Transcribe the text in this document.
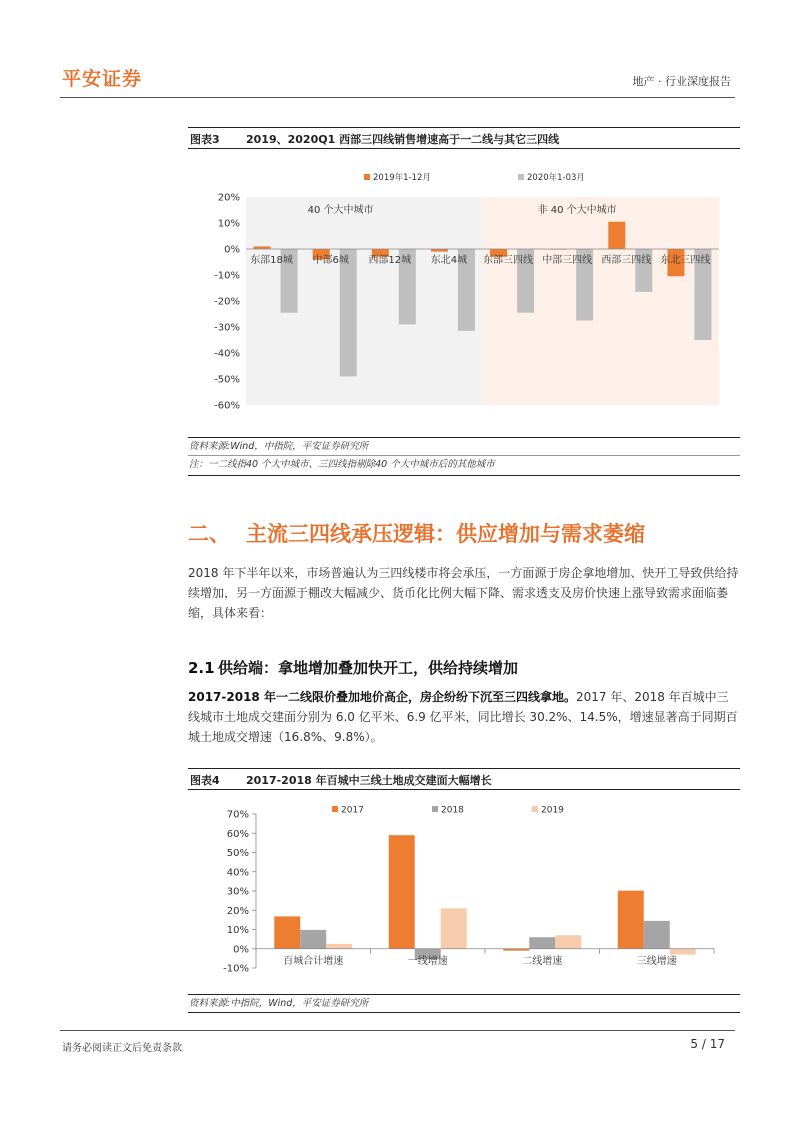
平安证券	地产 · 行业深度报告
图表3 2019、2020Q1 西部三四线销售增速高于一二线与其它三四线
40 个大中城市	非 40 个大中城市
2019年1-12月	2020年1-03月
20%
10%
0%
-10%
-20%
-30%
-40%
-50%
-60%
东部18城 中部6城 西部12城 东北4城 东部三四线 中部三四线 西部三四线 东北三四线
资料来源:Wind，中指院，平安证券研究所
注：一二线指40 个大中城市、三四线指剔除40 个大中城市后的其他城市
二、 主流三四线承压逻辑：供应增加与需求萎缩
2018 年下半年以来，市场普遍认为三四线楼市将会承压，一方面源于房企拿地增加、快开工导致供给持续增加，另一方面源于棚改大幅减少、货币化比例大幅下降、需求透支及房价快速上涨导致需求面临萎缩，具体来看：
2.1 供给端：拿地增加叠加快开工，供给持续增加
2017-2018 年一二线限价叠加地价高企，房企纷纷下沉至三四线拿地。2017 年、2018 年百城中三线城市土地成交建面分别为 6.0 亿平米、6.9 亿平米，同比增长 30.2%、14.5%，增速显著高于同期百城土地成交增速（16.8%、9.8%）。
图表4 2017-2018 年百城中三线土地成交建面大幅增长
2017	2018	2019
70%
60%
50%
40%
30%
20%
10%
0%
-10%
百城合计增速	一线增速	二线增速	三线增速
资料来源:中指院，Wind，平安证券研究所
请务必阅读正文后免责条款	5 / 17
